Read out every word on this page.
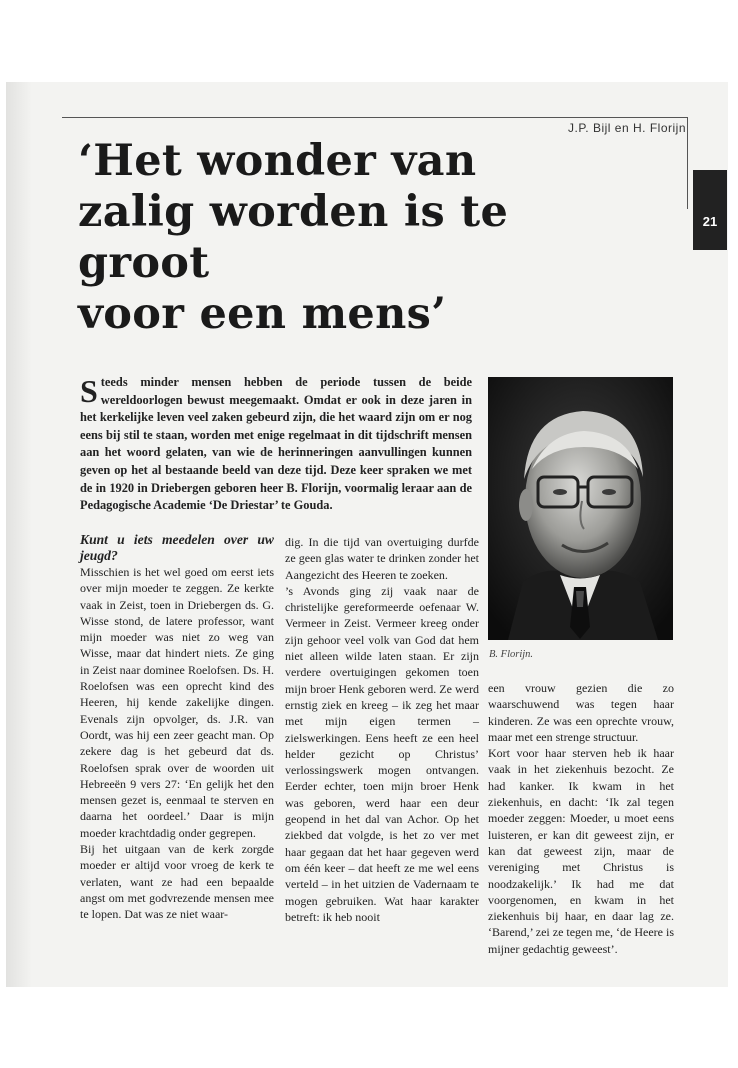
J.P. Bijl en H. Florijn
21
‘Het wonder van
zalig worden is te groot
voor een mens’

Steeds minder mensen hebben de periode tussen de beide wereldoorlogen bewust meegemaakt. Omdat er ook in deze jaren in het kerkelijke leven veel zaken gebeurd zijn, die het waard zijn om er nog eens bij stil te staan, worden met enige regelmaat in dit tijdschrift mensen aan het woord gelaten, van wie de herinneringen aanvullingen kunnen geven op het al bestaande beeld van deze tijd. Deze keer spraken we met de in 1920 in Driebergen geboren heer B. Florijn, voormalig leraar aan de Pedagogische Academie ‘De Driestar’ te Gouda.

B. Florijn.

Kunt u iets meedelen over uw jeugd?

Misschien is het wel goed om eerst iets over mijn moeder te zeggen. Ze kerkte vaak in Zeist, toen in Driebergen ds. G. Wisse stond, de latere professor, want mijn moeder was niet zo weg van Wisse, maar dat hindert niets. Ze ging in Zeist naar dominee Roelofsen. Ds. H. Roelofsen was een oprecht kind des Heeren, hij kende zakelijke dingen. Evenals zijn opvolger, ds. J.R. van Oordt, was hij een zeer geacht man. Op zekere dag is het gebeurd dat ds. Roelofsen sprak over de woorden uit Hebreeën 9 vers 27: ‘En gelijk het den mensen gezet is, eenmaal te sterven en daarna het oordeel.’ Daar is mijn moeder krachtdadig onder gegrepen.

Bij het uitgaan van de kerk zorgde moeder er altijd voor vroeg de kerk te verlaten, want ze had een bepaalde angst om met godvrezende mensen mee te lopen. Dat was ze niet waar-

dig. In die tijd van overtuiging durfde ze geen glas water te drinken zonder het Aangezicht des Heeren te zoeken.

’s Avonds ging zij vaak naar de christelijke gereformeerde oefenaar W. Vermeer in Zeist. Vermeer kreeg onder zijn gehoor veel volk van God dat hem niet alleen wilde laten staan. Er zijn verdere overtuigingen gekomen toen mijn broer Henk geboren werd. Ze werd ernstig ziek en kreeg – ik zeg het maar met mijn eigen termen – zielswerkingen. Eens heeft ze een heel helder gezicht op Christus’ verlossingswerk mogen ontvangen. Eerder echter, toen mijn broer Henk was geboren, werd haar een deur geopend in het dal van Achor. Op het ziekbed dat volgde, is het zo ver met haar gegaan dat het haar gegeven werd om één keer – dat heeft ze me wel eens verteld – in het uitzien de Vadernaam te mogen gebruiken. Wat haar karakter betreft: ik heb nooit

een vrouw gezien die zo waarschuwend was tegen haar kinderen. Ze was een oprechte vrouw, maar met een strenge structuur.

Kort voor haar sterven heb ik haar vaak in het ziekenhuis bezocht. Ze had kanker. Ik kwam in het ziekenhuis, en dacht: ‘Ik zal tegen moeder zeggen: Moeder, u moet eens luisteren, er kan dit geweest zijn, er kan dat geweest zijn, maar de vereniging met Christus is noodzakelijk.’ Ik had me dat voorgenomen, en kwam in het ziekenhuis bij haar, en daar lag ze. ‘Barend,’ zei ze tegen me, ‘de Heere is mijner gedachtig geweest’.
